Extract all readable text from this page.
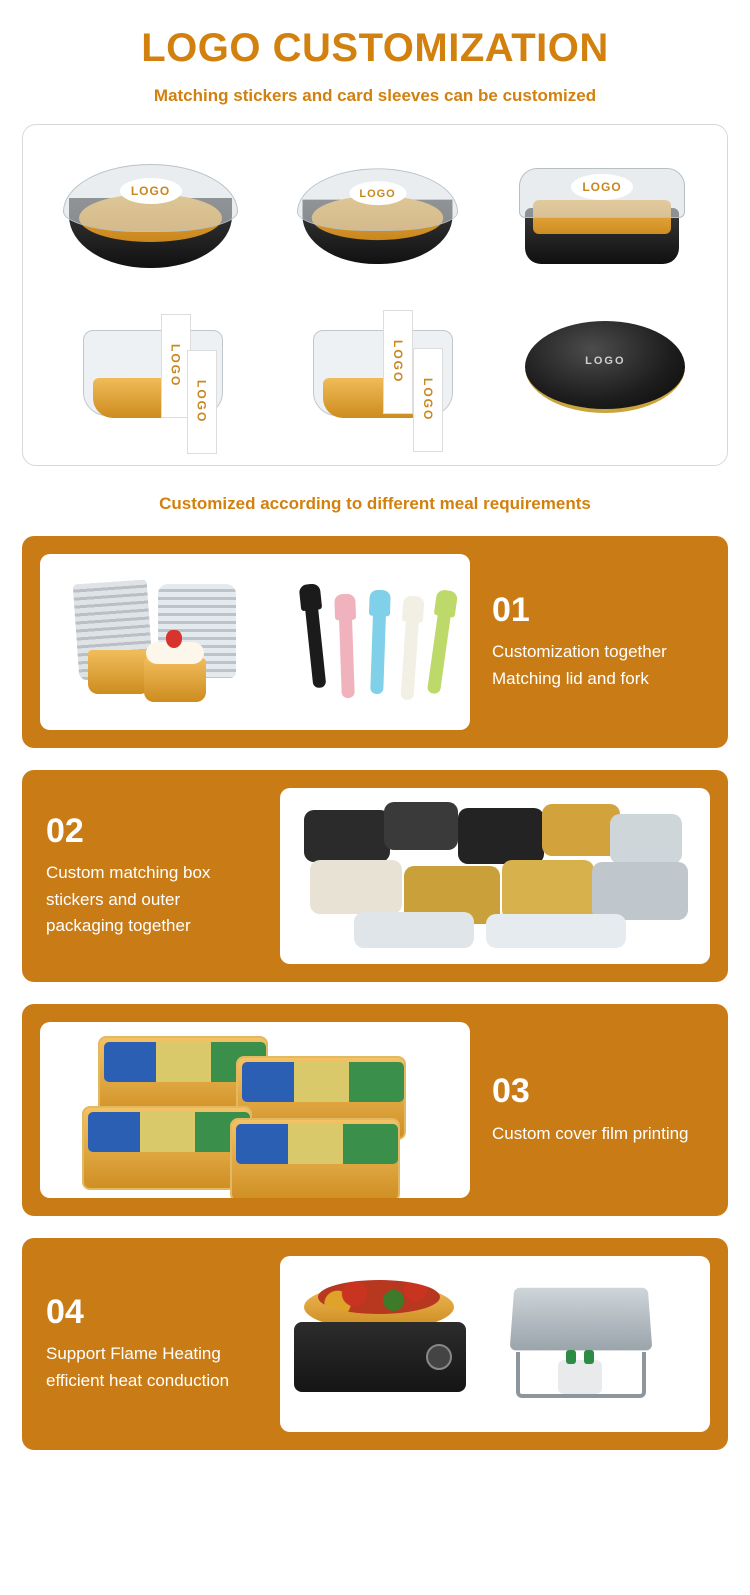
LOGO CUSTOMIZATION
Matching stickers and card sleeves can be customized
LOGO	LOGO	LOGO
LOGO
LOGO
LOGO
LOGO
LOGO
Customized according to different meal requirements
01
Customization together Matching lid and fork
02
Custom matching box stickers and outer packaging together
03
Custom cover film printing
04
Support Flame Heating efficient heat conduction
